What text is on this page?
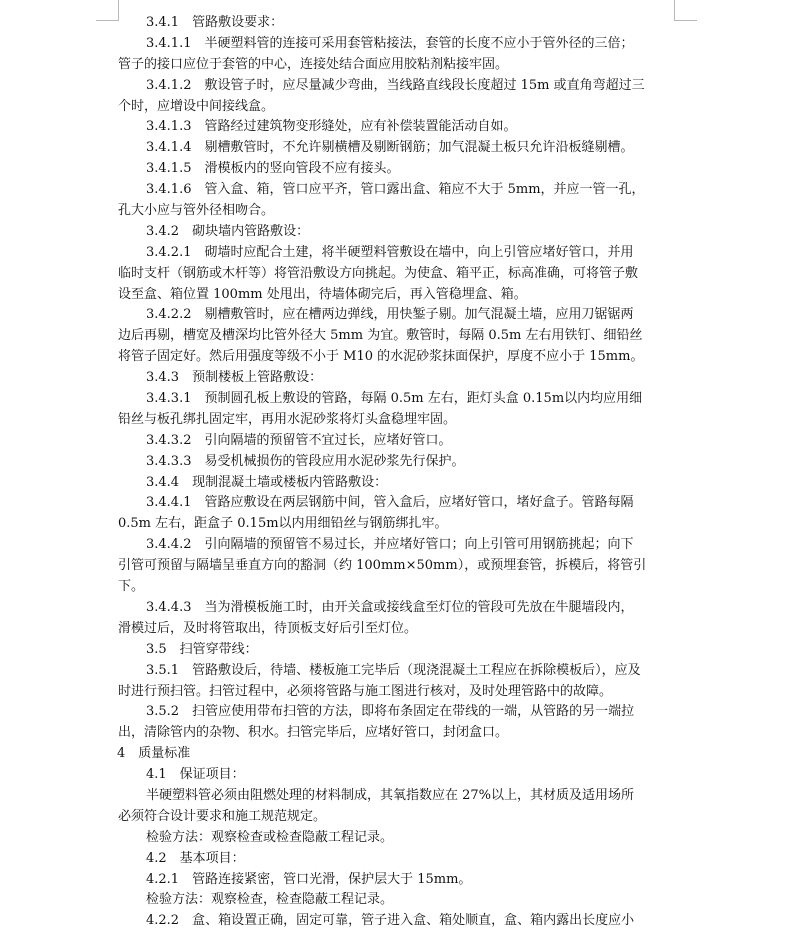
3.4.1　管路敷设要求：
3.4.1.1　半硬塑料管的连接可采用套管粘接法，套管的长度不应小于管外径的三倍；
管子的接口应位于套管的中心，连接处结合面应用胶粘剂粘接牢固。
3.4.1.2　敷设管子时，应尽量减少弯曲，当线路直线段长度超过 15m 或直角弯超过三
个时，应增设中间接线盒。
3.4.1.3　管路经过建筑物变形缝处，应有补偿装置能活动自如。
3.4.1.4　剔槽敷管时，不允许剔横槽及剔断钢筋；加气混凝土板只允许沿板缝剔槽。
3.4.1.5　滑模板内的竖向管段不应有接头。
3.4.1.6　管入盒、箱，管口应平齐，管口露出盒、箱应不大于 5mm，并应一管一孔，
孔大小应与管外径相吻合。
3.4.2　砌块墙内管路敷设：
3.4.2.1　砌墙时应配合土建，将半硬塑料管敷设在墙中，向上引管应堵好管口，并用
临时支杆（钢筋或木杆等）将管沿敷设方向挑起。为使盒、箱平正，标高准确，可将管子敷
设至盒、箱位置 100mm 处甩出，待墙体砌完后，再入管稳埋盒、箱。
3.4.2.2　剔槽敷管时，应在槽两边弹线，用快錾子剔。加气混凝土墙，应用刀锯锯两
边后再剔，槽宽及槽深均比管外径大 5mm 为宜。敷管时，每隔 0.5m 左右用铁钉、细铅丝
将管子固定好。然后用强度等级不小于 M10 的水泥砂浆抹面保护，厚度不应小于 15mm。
3.4.3　预制楼板上管路敷设：
3.4.3.1　预制圆孔板上敷设的管路，每隔 0.5m 左右，距灯头盒 0.15m以内均应用细
铅丝与板孔绑扎固定牢，再用水泥砂浆将灯头盒稳埋牢固。
3.4.3.2　引向隔墙的预留管不宜过长，应堵好管口。
3.4.3.3　易受机械损伤的管段应用水泥砂浆先行保护。
3.4.4　现制混凝土墙或楼板内管路敷设：
3.4.4.1　管路应敷设在两层钢筋中间，管入盒后，应堵好管口，堵好盒子。管路每隔
0.5m 左右，距盒子 0.15m以内用细铅丝与钢筋绑扎牢。
3.4.4.2　引向隔墙的预留管不易过长，并应堵好管口；向上引管可用钢筋挑起；向下
引管可预留与隔墙呈垂直方向的豁洞（约 100mm×50mm），或预埋套管，拆模后，将管引
下。
3.4.4.3　当为滑模板施工时，由开关盒或接线盒至灯位的管段可先放在牛腿墙段内，
滑模过后，及时将管取出，待顶板支好后引至灯位。
3.5　扫管穿带线：
3.5.1　管路敷设后，待墙、楼板施工完毕后（现浇混凝土工程应在拆除模板后），应及
时进行预扫管。扫管过程中，必须将管路与施工图进行核对，及时处理管路中的故障。
3.5.2　扫管应使用带布扫管的方法，即将布条固定在带线的一端，从管路的另一端拉
出，清除管内的杂物、积水。扫管完毕后，应堵好管口，封闭盒口。
4　质量标准
4.1　保证项目：
半硬塑料管必须由阻燃处理的材料制成，其氧指数应在 27%以上，其材质及适用场所
必须符合设计要求和施工规范规定。
检验方法：观察检查或检查隐蔽工程记录。
4.2　基本项目：
4.2.1　管路连接紧密，管口光滑，保护层大于 15mm。
检验方法：观察检查，检查隐蔽工程记录。
4.2.2　盒、箱设置正确，固定可靠，管子进入盒、箱处顺直，盒、箱内露出长度应小
